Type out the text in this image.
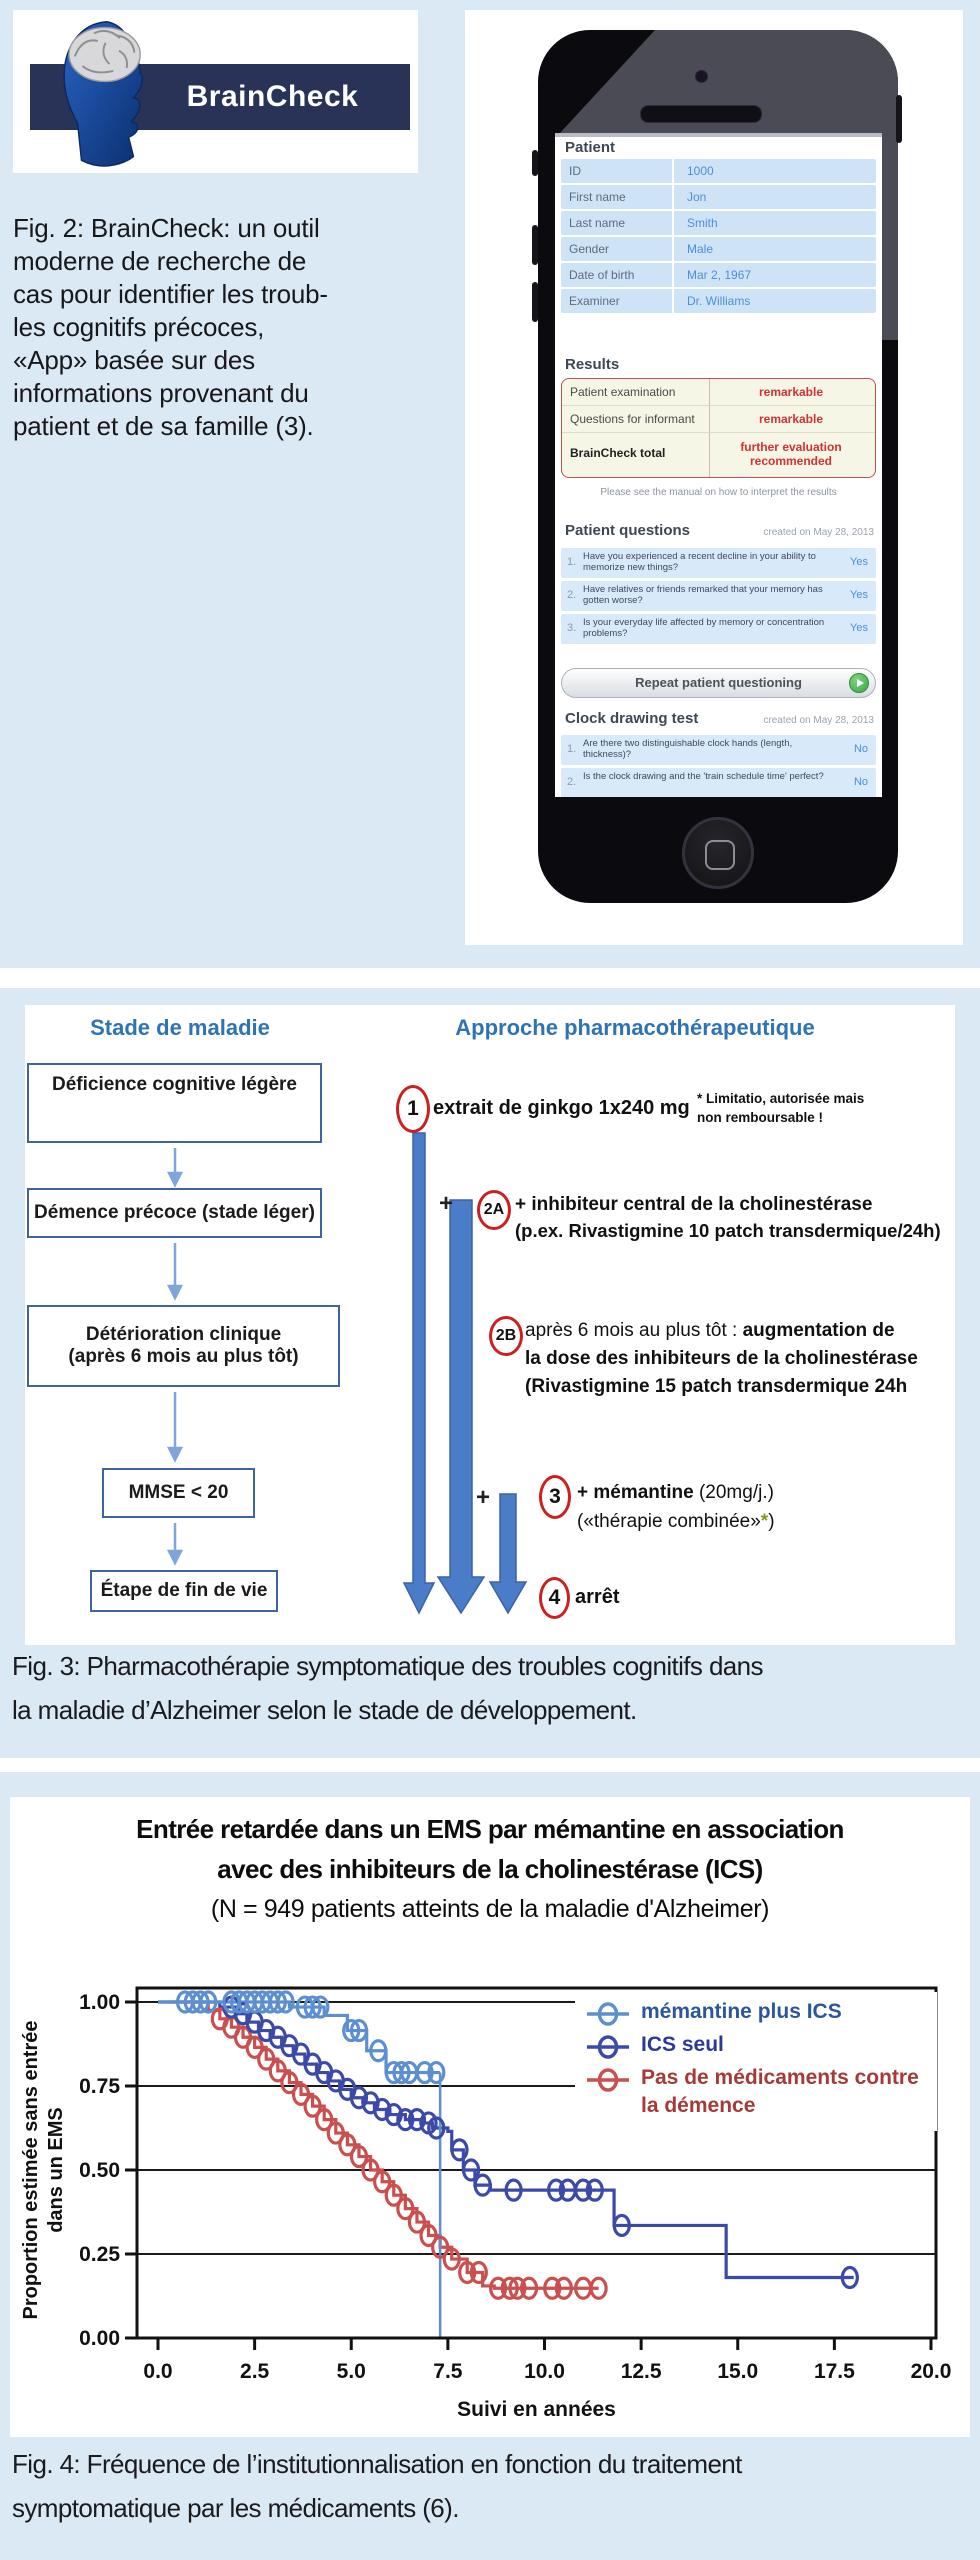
BrainCheck
Fig. 2: BrainCheck: un outil
moderne de recherche de
cas pour identifier les troub-
les cognitifs précoces,
«App» basée sur des
informations provenant du
patient et de sa famille (3).
Patient
ID	1000
First name	Jon
Last name	Smith
Gender	Male
Date of birth	Mar 2, 1967
Examiner	Dr. Williams
Results
Patient examination	remarkable
Questions for informant	remarkable
BrainCheck total	further evaluation recommended
Please see the manual on how to interpret the results
Patient questions	created on May 28, 2013
1. Have you experienced a recent decline in your ability to memorize new things?	Yes
2. Have relatives or friends remarked that your memory has gotten worse?	Yes
3. Is your everyday life affected by memory or concentration problems?	Yes
Repeat patient questioning
Clock drawing test	created on May 28, 2013
1. Are there two distinguishable clock hands (length, thickness)?	No
2. Is the clock drawing and the 'train schedule time' perfect?	No
Stade de maladie	Approche pharmacothérapeutique
Déficience cognitive légère
Démence précoce (stade léger)
Détérioration clinique
(après 6 mois au plus tôt)
MMSE < 20
Étape de fin de vie
1 extrait de ginkgo 1x240 mg * Limitatio, autorisée mais
non remboursable !
+ 2A + inhibiteur central de la cholinestérase
(p.ex. Rivastigmine 10 patch transdermique/24h)
2B après 6 mois au plus tôt : augmentation de
la dose des inhibiteurs de la cholinestérase
(Rivastigmine 15 patch transdermique 24h
+	3 + mémantine (20mg/j.)
(«thérapie combinée»*)
4 arrêt
Fig. 3: Pharmacothérapie symptomatique des troubles cognitifs dans
la maladie d’Alzheimer selon le stade de développement.
Entrée retardée dans un EMS par mémantine en association
avec des inhibiteurs de la cholinestérase (ICS)
(N = 949 patients atteints de la maladie d'Alzheimer)
0.0	2.5	5.0	7.5	10.0	12.5	15.0	17.5	20.0
1.00
0.75
0.50
0.25
0.00
Suivi en années
Proportion estimée sans entrée dans un EMS
mémantine plus ICS
ICS seul
Pas de médicaments contre
la démence
Fig. 4: Fréquence de l’institutionnalisation en fonction du traitement
symptomatique par les médicaments (6).
